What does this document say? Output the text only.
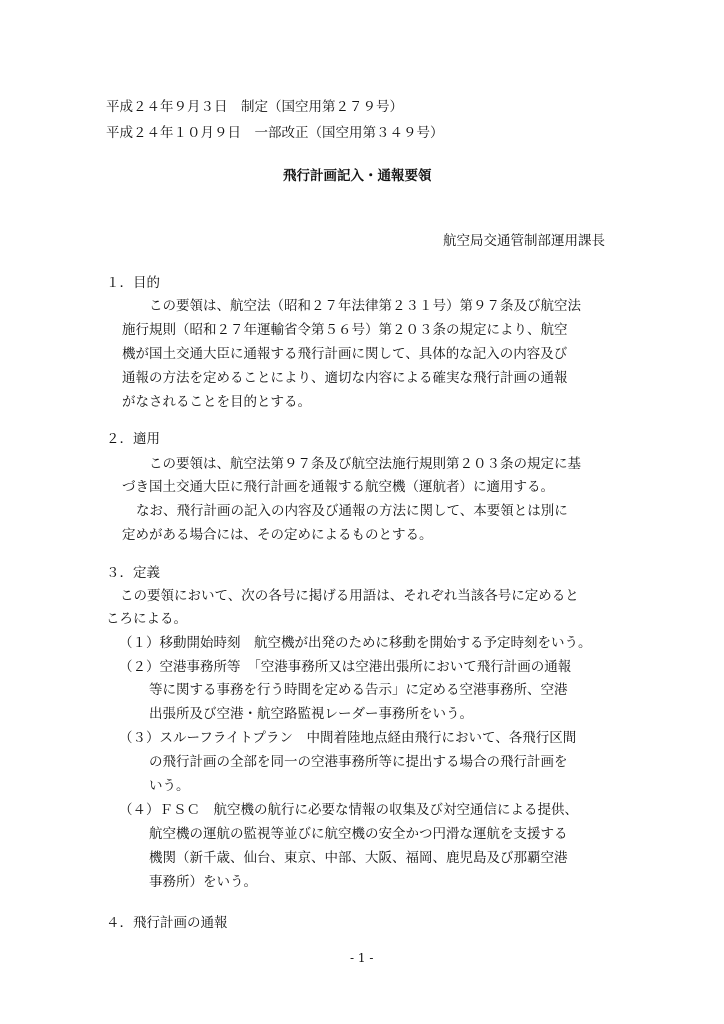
平成２４年９月３日　制定（国空用第２７９号）
平成２４年１０月９日　一部改正（国空用第３４９号）
飛行計画記入・通報要領
航空局交通管制部運用課長
１．目的
この要領は、航空法（昭和２７年法律第２３１号）第９７条及び航空法
施行規則（昭和２７年運輸省令第５６号）第２０３条の規定により、航空
機が国土交通大臣に通報する飛行計画に関して、具体的な記入の内容及び
通報の方法を定めることにより、適切な内容による確実な飛行計画の通報
がなされることを目的とする。
２．適用
この要領は、航空法第９７条及び航空法施行規則第２０３条の規定に基
づき国土交通大臣に飛行計画を通報する航空機（運航者）に適用する。
なお、飛行計画の記入の内容及び通報の方法に関して、本要領とは別に
定めがある場合には、その定めによるものとする。
３．定義
この要領において、次の各号に掲げる用語は、それぞれ当該各号に定めると
ころによる。
（１）移動開始時刻　航空機が出発のために移動を開始する予定時刻をいう。
（２）空港事務所等　「空港事務所又は空港出張所において飛行計画の通報
等に関する事務を行う時間を定める告示」に定める空港事務所、空港
出張所及び空港・航空路監視レーダー事務所をいう。
（３）スルーフライトプラン　中間着陸地点経由飛行において、各飛行区間
の飛行計画の全部を同一の空港事務所等に提出する場合の飛行計画を
いう。
（４）ＦＳＣ　航空機の航行に必要な情報の収集及び対空通信による提供、
航空機の運航の監視等並びに航空機の安全かつ円滑な運航を支援する
機関（新千歳、仙台、東京、中部、大阪、福岡、鹿児島及び那覇空港
事務所）をいう。
４．飛行計画の通報
- 1 -
